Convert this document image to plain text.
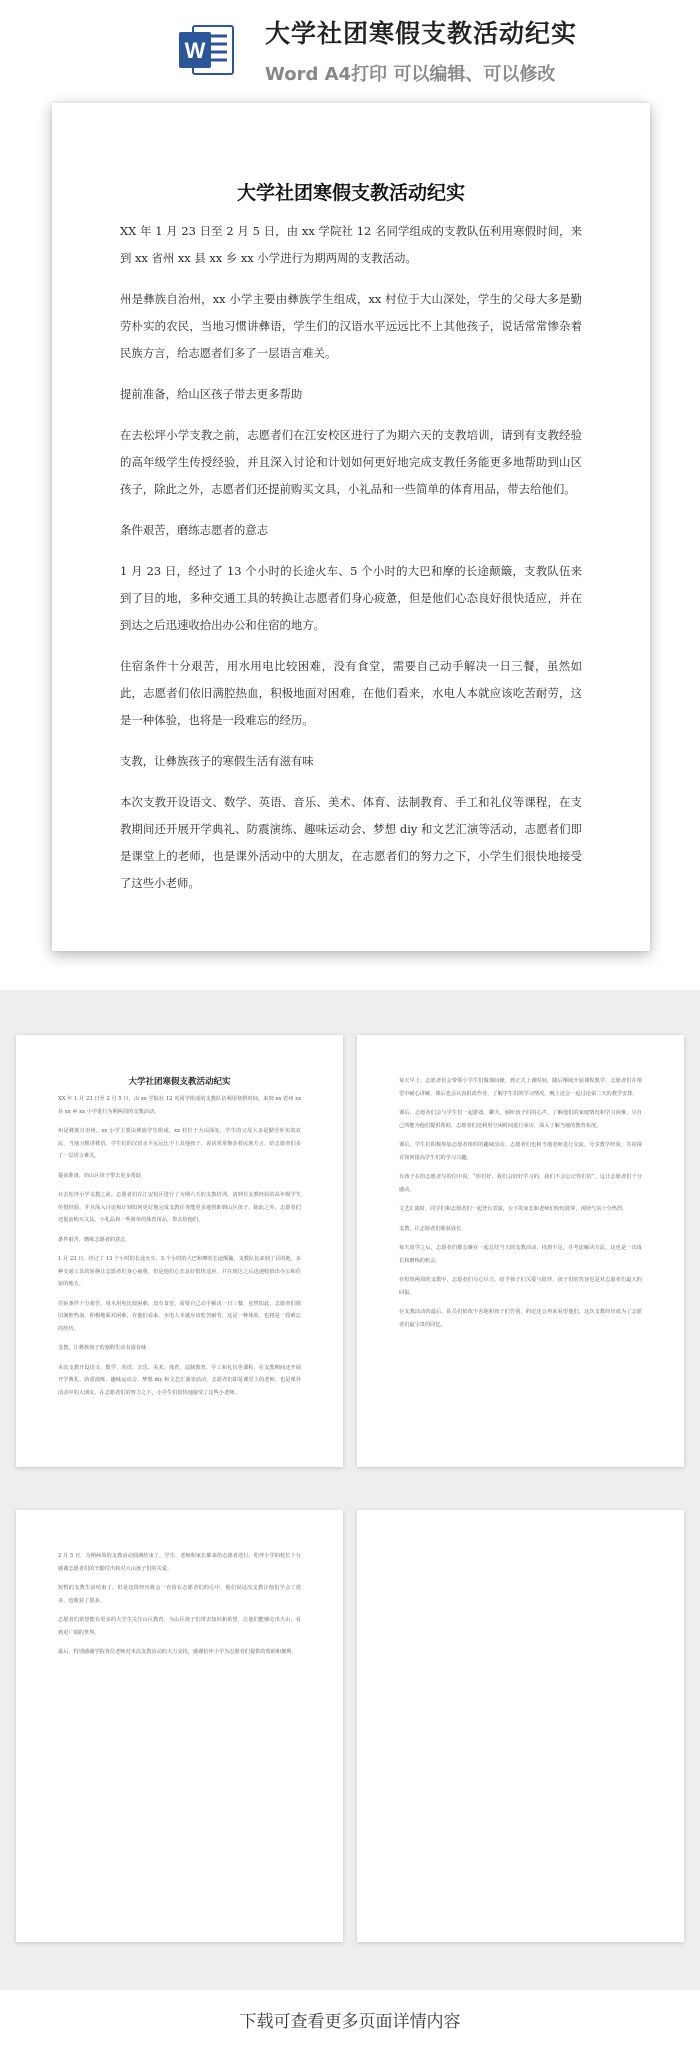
W
大学社团寒假支教活动纪实
Word A4打印 可以编辑、可以修改
大学社团寒假支教活动纪实

XX 年 1 月 23 日至 2 月 5 日，由 xx 学院社 12 名同学组成的支教队伍利用寒假时间，来到 xx 省州 xx 县 xx 乡 xx 小学进行为期两周的支教活动。

州是彝族自治州，xx 小学主要由彝族学生组成，xx 村位于大山深处，学生的父母大多是勤劳朴实的农民，当地习惯讲彝语，学生们的汉语水平远远比不上其他孩子，说话常常惨杂着民族方言，给志愿者们多了一层语言难关。

提前准备，给山区孩子带去更多帮助

在去松坪小学支教之前，志愿者们在江安校区进行了为期六天的支教培训，请到有支教经验的高年级学生传授经验，并且深入讨论和计划如何更好地完成支教任务能更多地帮助到山区孩子，除此之外，志愿者们还提前购买文具，小礼品和一些简单的体育用品，带去给他们。

条件艰苦，磨练志愿者的意志

1 月 23 日，经过了 13 个小时的长途火车、5 个小时的大巴和摩的长途颠簸，支教队伍来到了目的地，多种交通工具的转换让志愿者们身心疲惫，但是他们心态良好很快适应，并在到达之后迅速收拾出办公和住宿的地方。

住宿条件十分艰苦，用水用电比较困难，没有食堂，需要自己动手解决一日三餐，虽然如此，志愿者们依旧满腔热血，积极地面对困难，在他们看来，水电人本就应该吃苦耐劳，这是一种体验，也将是一段难忘的经历。

支教，让彝族孩子的寒假生活有滋有味

本次支教开设语文、数学、英语、音乐、美术、体育、法制教育、手工和礼仪等课程，在支教期间还开展开学典礼、防震演练、趣味运动会、梦想 diy 和文艺汇演等活动，志愿者们即是课堂上的老师，也是课外活动中的大朋友，在志愿者们的努力之下，小学生们很快地接受了这些小老师。

大学社团寒假支教活动纪实

XX 年 1 月 23 日至 2 月 5 日，由 xx 学院社 12 名同学组成的支教队伍利用寒假时间，来到 xx 省州 xx 县 xx 乡 xx 小学进行为期两周的支教活动。

州是彝族自治州，xx 小学主要由彝族学生组成，xx 村位于大山深处，学生的父母大多是勤劳朴实的农民，当地习惯讲彝语，学生们的汉语水平远远比不上其他孩子，说话常常惨杂着民族方言，给志愿者们多了一层语言难关。

提前准备，给山区孩子带去更多帮助

在去松坪小学支教之前，志愿者们在江安校区进行了为期六天的支教培训，请到有支教经验的高年级学生传授经验，并且深入讨论和计划如何更好地完成支教任务能更多地帮助到山区孩子，除此之外，志愿者们还提前购买文具，小礼品和一些简单的体育用品，带去给他们。

条件艰苦，磨练志愿者的意志

1 月 23 日，经过了 13 个小时的长途火车、5 个小时的大巴和摩的长途颠簸，支教队伍来到了目的地，多种交通工具的转换让志愿者们身心疲惫，但是他们心态良好很快适应，并在到达之后迅速收拾出办公和住宿的地方。

住宿条件十分艰苦，用水用电比较困难，没有食堂，需要自己动手解决一日三餐，虽然如此，志愿者们依旧满腔热血，积极地面对困难，在他们看来，水电人本就应该吃苦耐劳，这是一种体验，也将是一段难忘的经历。

支教，让彝族孩子的寒假生活有滋有味

本次支教开设语文、数学、英语、音乐、美术、体育、法制教育、手工和礼仪等课程，在支教期间还开展开学典礼、防震演练、趣味运动会、梦想 diy 和文艺汇演等活动，志愿者们即是课堂上的老师，也是课外活动中的大朋友，在志愿者们的努力之下，小学生们很快地接受了这些小老师。

每天早上，志愿者们会带领小学生们做课间操，到正式上课时间，随后继续开展课程教学，志愿者们在课堂中耐心讲解，课后也会认真批改作业，了解学生们的学习情况，晚上还会一起讨论第二天的教学安排。

课后，志愿者们会与学生们一起游戏、聊天，倾听孩子们的心声，了解他们的家庭情况和学习困难，尽自己所能为他们提供帮助，志愿者们还利用空闲时间进行家访，深入了解当地的教育状况。

课后，学生们积极参加志愿者组织的趣味活动，志愿者们也和当地老师进行交流，分享教学经验，共同探讨如何提高学生们的学习兴趣。

有孩子在给志愿者写的信中说：“你们好，我们会好好学习的，我们不会忘记你们的”，这让志愿者们十分感动。

文艺汇演时，同学们和志愿者们一起登台表演，台下的家长和老师们纷纷鼓掌，现场气氛十分热烈。

支教，让志愿者们收获成长

每天放学之后，志愿者们都会聚在一起总结当天的支教活动，找到不足，并考虑解决方法，这也是一次成长和磨练的机会。

在短短两周的支教中，志愿者们尽心尽力，给予孩子们关爱与陪伴，孩子们的笑容也是对志愿者们最大的回报。

在支教活动的最后，队员们依依不舍地和孩子们告别，约定还会再来看望他们，这次支教经历成为了志愿者们最宝贵的回忆。

2 月 5 日，为期两周的支教活动圆满结束了，学生、老师和家长都来给志愿者送行，松坪小学的校长十分感谢志愿者们的辛勤付出和对大山孩子们的关爱。

短暂的支教生活结束了，但是这段经历将会一直留在志愿者们的心中，他们说这次支教让他们学会了很多，也收获了很多。

志愿者们希望能有更多的大学生关注山区教育，为山区孩子们带去知识和希望，让他们能够走出大山，看到更广阔的世界。

最后，特别感谢学院各位老师对本次支教活动的大力支持，感谢松坪小学为志愿者们提供的帮助和便利。

下载可查看更多页面详情内容
